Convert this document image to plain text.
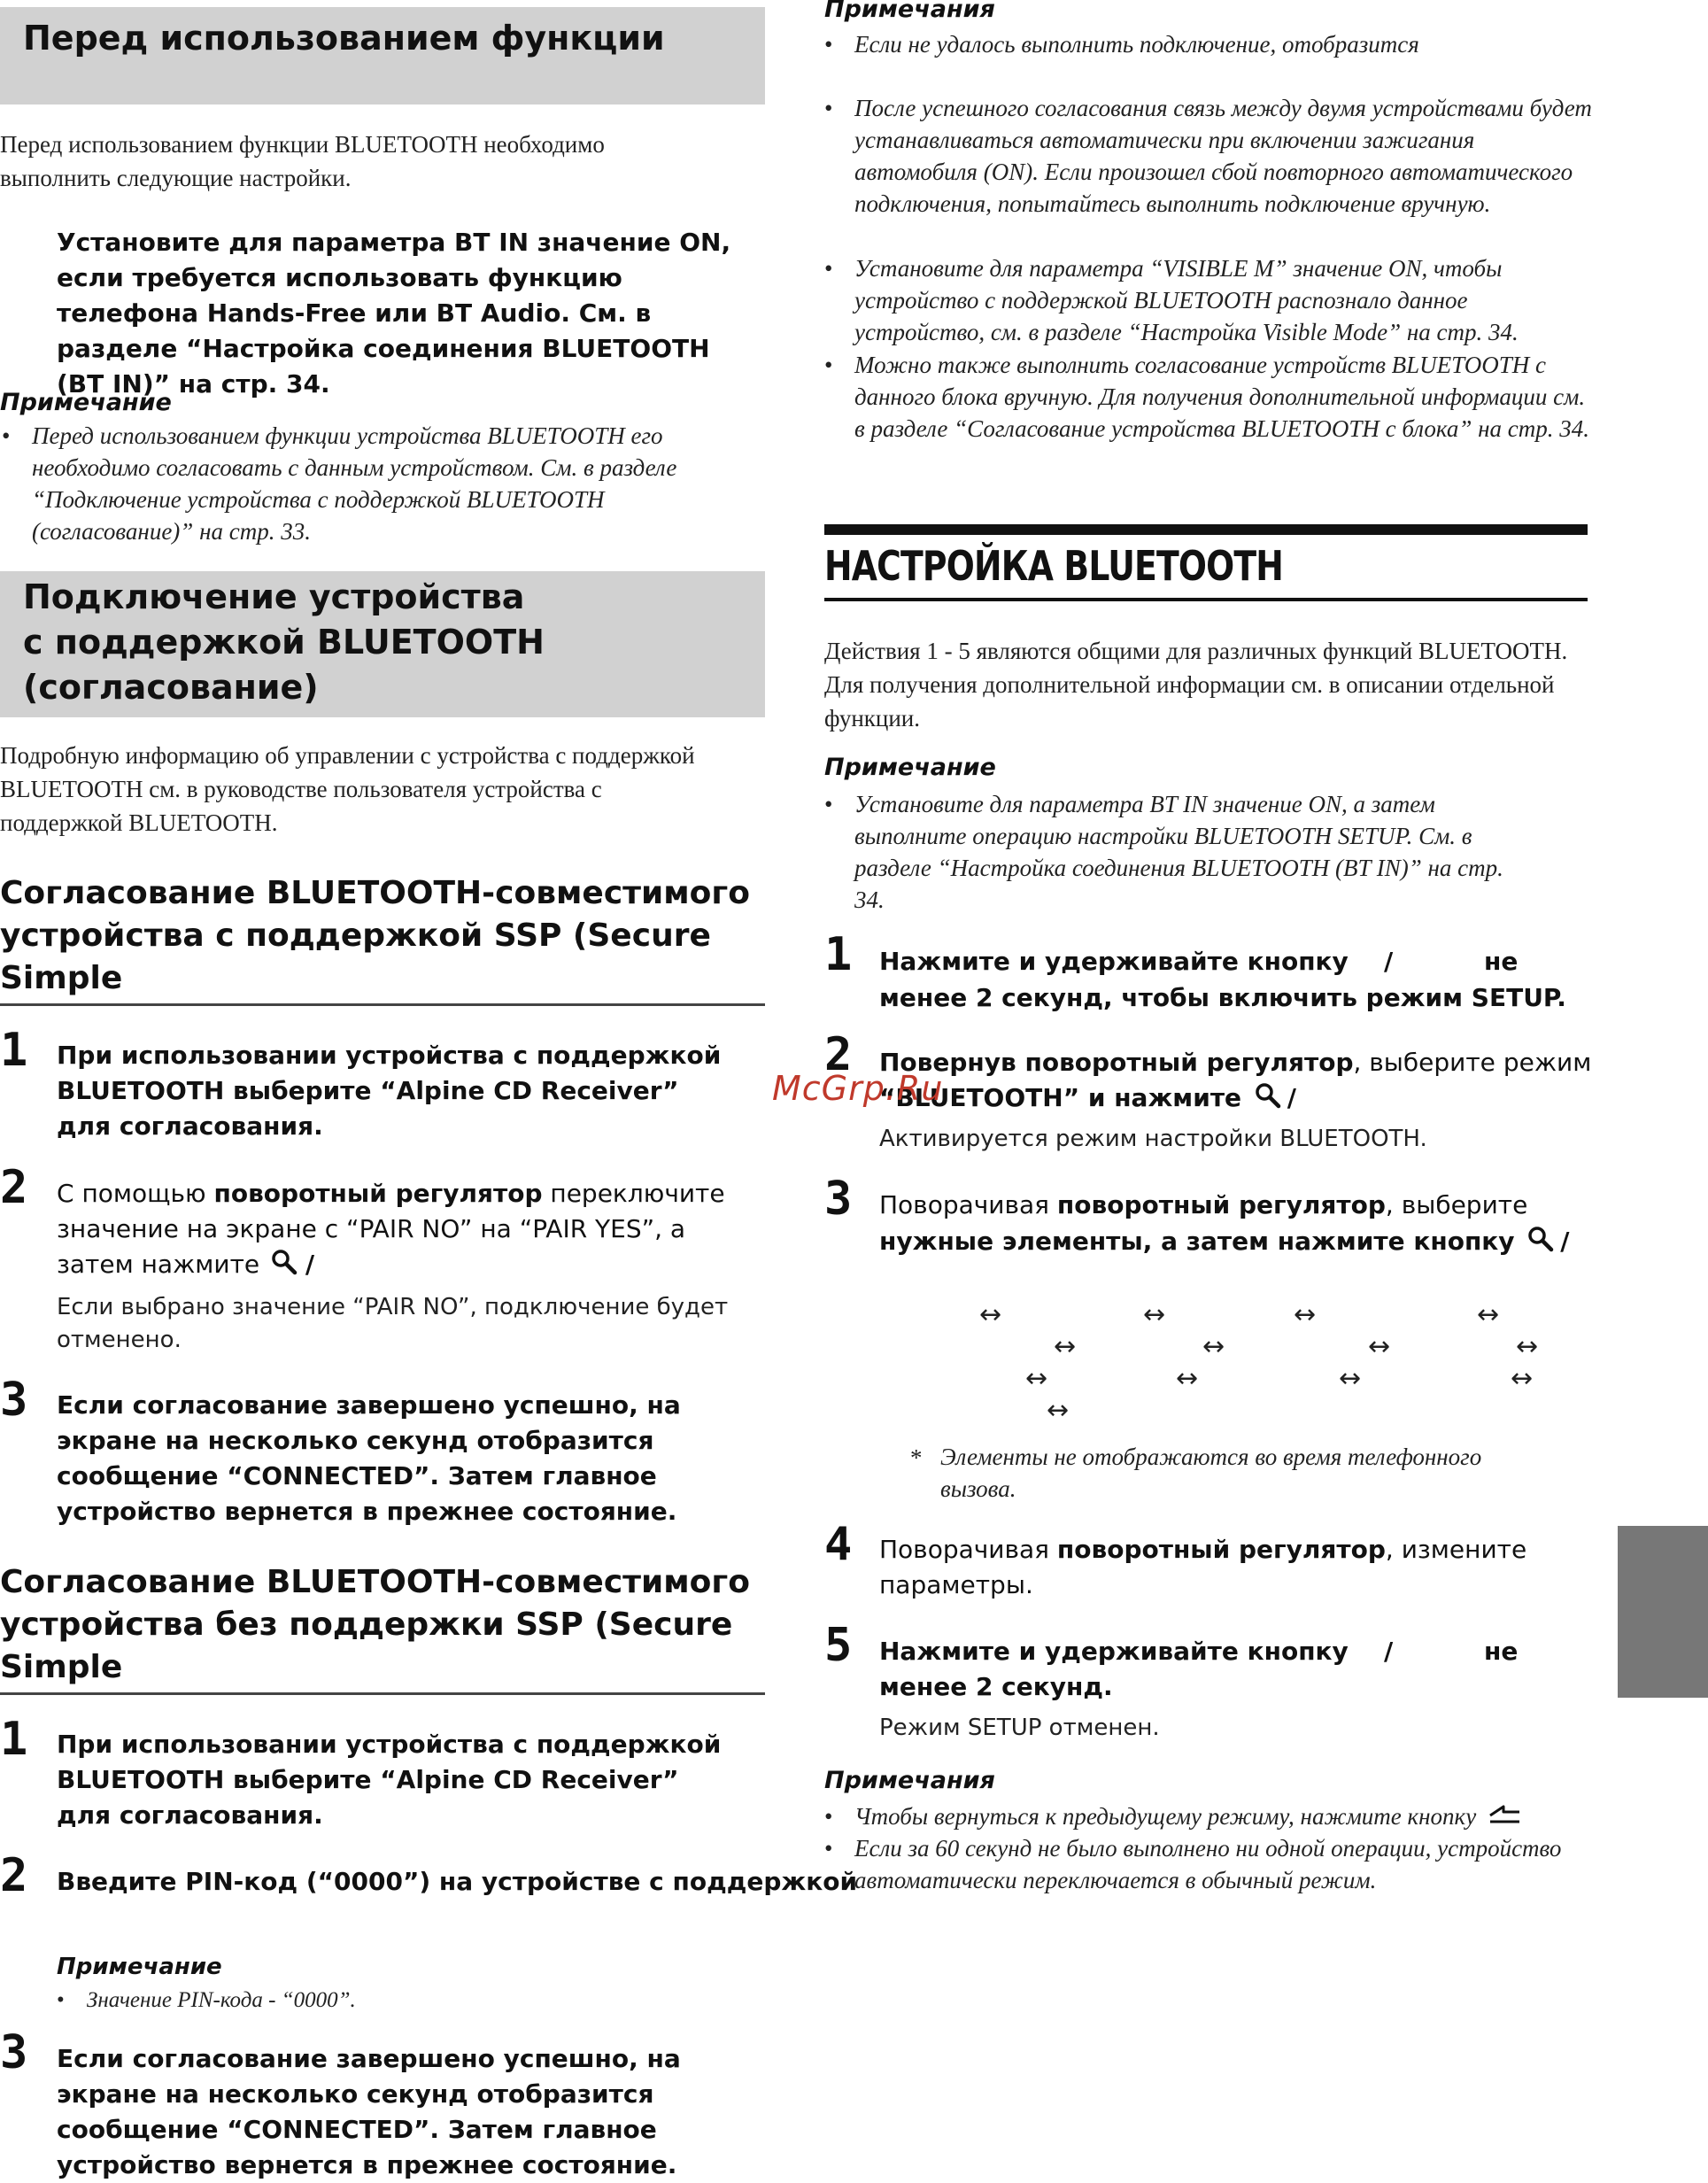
Перед использованием функции
Перед использованием функции BLUETOOTH необходимо выполнить следующие настройки.
Установите для параметра BT IN значение ON, если требуется использовать функцию телефона Hands-Free или BT Audio. См. в разделе “Настройка соединения BLUETOOTH (BT IN)” на стр. 34.
Примечание
• Перед использованием функции устройства BLUETOOTH его необходимо согласовать с данным устройством. См. в разделе “Подключение устройства с поддержкой BLUETOOTH (согласование)” на стр. 33.
Подключение устройства с поддержкой BLUETOOTH (согласование)
Подробную информацию об управлении с устройства с поддержкой BLUETOOTH см. в руководстве пользователя устройства с поддержкой BLUETOOTH.
Согласование BLUETOOTH-совместимого устройства с поддержкой SSP (Secure Simple
1 При использовании устройства с поддержкой BLUETOOTH выберите “Alpine CD Receiver” для согласования.
2 С помощью поворотный регулятор переключите значение на экране с “PAIR NO” на “PAIR YES”, а затем нажмите /
Если выбрано значение “PAIR NO”, подключение будет отменено.
3 Если согласование завершено успешно, на экране на несколько секунд отобразится сообщение “CONNECTED”. Затем главное устройство вернется в прежнее состояние.
Согласование BLUETOOTH-совместимого устройства без поддержки SSP (Secure Simple
1 При использовании устройства с поддержкой BLUETOOTH выберите “Alpine CD Receiver” для согласования.
2 Введите PIN-код (“0000”) на устройстве с поддержкой
Примечание
• Значение PIN-кода - “0000”.
3 Если согласование завершено успешно, на экране на несколько секунд отобразится сообщение “CONNECTED”. Затем главное устройство вернется в прежнее состояние.
Примечания
• Если не удалось выполнить подключение, отобразится
• После успешного согласования связь между двумя устройствами будет устанавливаться автоматически при включении зажигания автомобиля (ON). Если произошел сбой повторного автоматического подключения, попытайтесь выполнить подключение вручную.
• Установите для параметра “VISIBLE M” значение ON, чтобы устройство с поддержкой BLUETOOTH распознало данное устройство, см. в разделе “Настройка Visible Mode” на стр. 34.
• Можно также выполнить согласование устройств BLUETOOTH с данного блока вручную. Для получения дополнительной информации см. в разделе “Согласование устройства BLUETOOTH с блока” на стр. 34.
НАСТРОЙКА BLUETOOTH
Действия 1 - 5 являются общими для различных функций BLUETOOTH. Для получения дополнительной информации см. в описании отдельной функции.
Примечание
• Установите для параметра BT IN значение ON, а затем выполните операцию настройки BLUETOOTH SETUP. См. в разделе “Настройка соединения BLUETOOTH (BT IN)” на стр. 34.
1 Нажмите и удерживайте кнопку /	не
менее 2 секунд, чтобы включить режим SETUP.
2 Повернув поворотный регулятор, выберите режим
“BLUETOOTH” и нажмите /
Активируется режим настройки BLUETOOTH.
3 Поворачивая поворотный регулятор, выберите
нужные элементы, а затем нажмите кнопку /
↔	↔	↔	↔
↔	↔	↔	↔
↔	↔	↔	↔
↔
* Элементы не отображаются во время телефонного вызова.
4 Поворачивая поворотный регулятор, измените
параметры.
5 Нажмите и удерживайте кнопку /	не
менее 2 секунд.
Режим SETUP отменен.
Примечания
• Чтобы вернуться к предыдущему режиму, нажмите кнопку
• Если за 60 секунд не было выполнено ни одной операции, устройство автоматически переключается в обычный режим.
McGrp.Ru
